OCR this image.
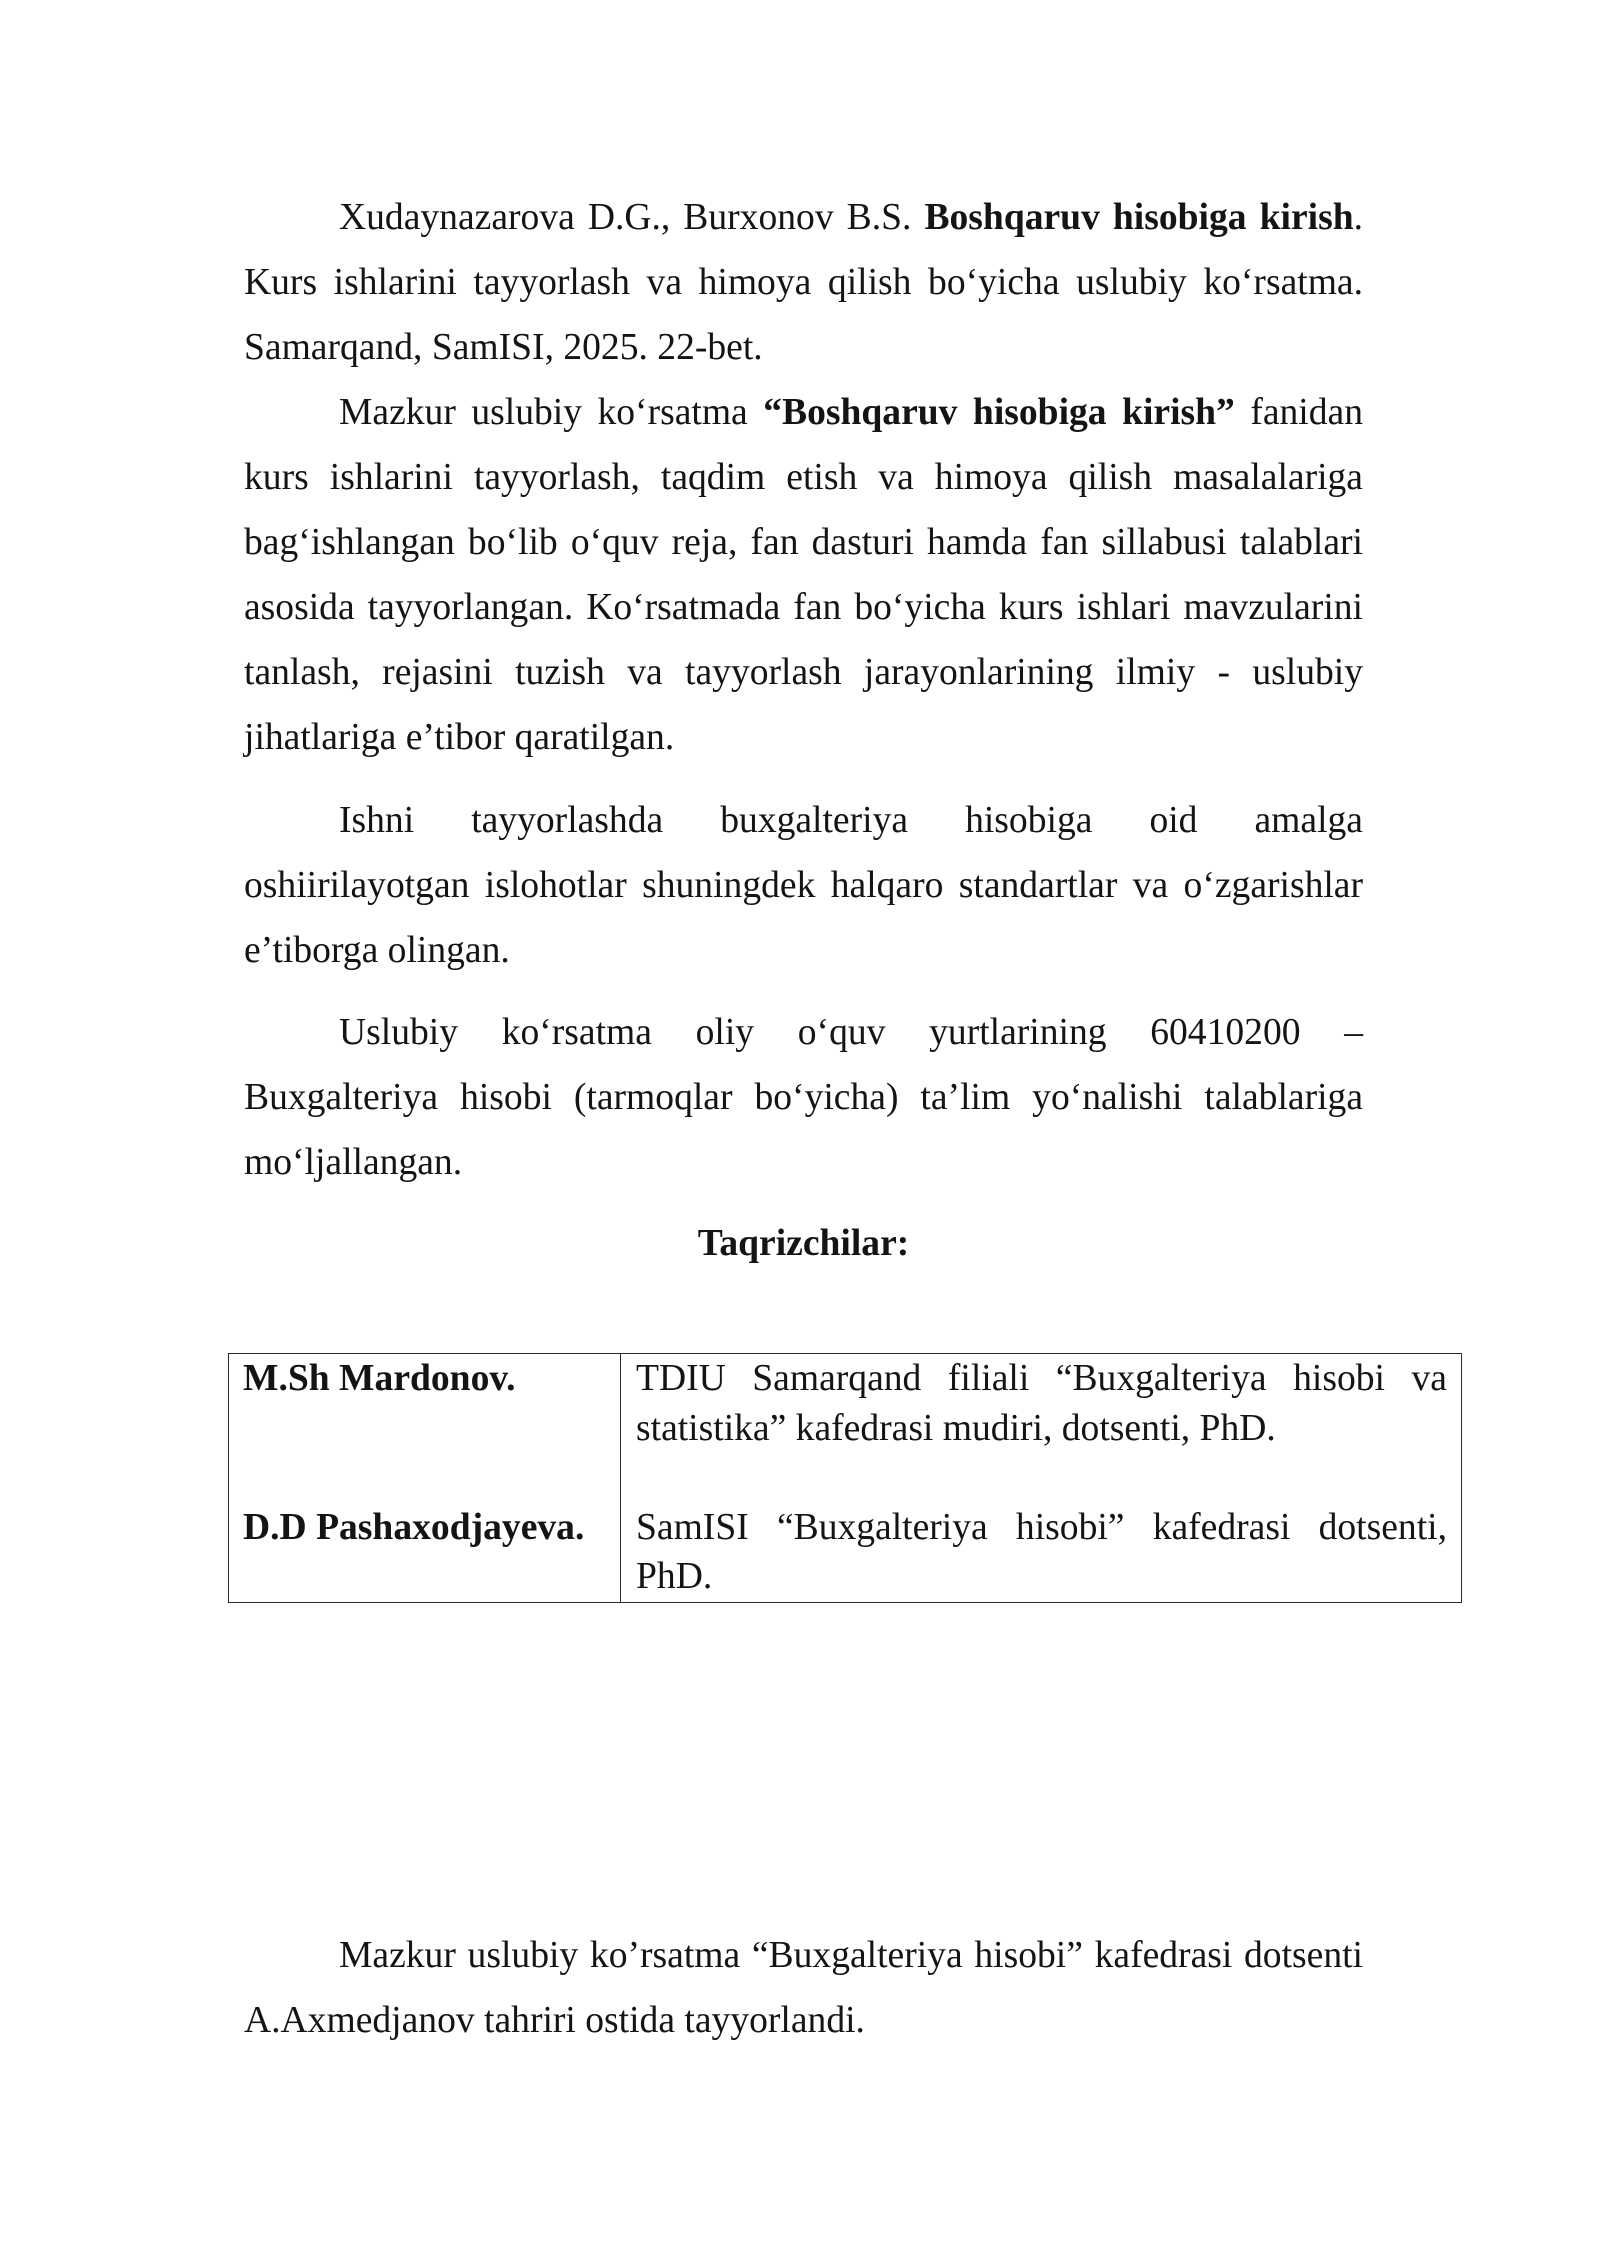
Xudaynazarova D.G., Burxonov B.S. Boshqaruv hisobiga kirish.
Kurs ishlarini tayyorlash va himoya qilish bo‘yicha uslubiy ko‘rsatma.
Samarqand, SamISI, 2025. 22-bet.
Mazkur uslubiy ko‘rsatma “Boshqaruv hisobiga kirish” fanidan
kurs ishlarini tayyorlash, taqdim etish va himoya qilish masalalariga
bag‘ishlangan bo‘lib o‘quv reja, fan dasturi hamda fan sillabusi talablari
asosida tayyorlangan. Ko‘rsatmada fan bo‘yicha kurs ishlari mavzularini
tanlash, rejasini tuzish va tayyorlash jarayonlarining ilmiy - uslubiy
jihatlariga e’tibor qaratilgan.
Ishni tayyorlashda buxgalteriya hisobiga oid amalga
oshiirilayotgan islohotlar shuningdek halqaro standartlar va o‘zgarishlar
e’tiborga olingan.
Uslubiy ko‘rsatma oliy o‘quv yurtlarining 60410200 –
Buxgalteriya hisobi (tarmoqlar bo‘yicha) ta’lim yo‘nalishi talablariga
mo‘ljallangan.
Taqrizchilar:
M.Sh Mardonov.	TDIU Samarqand filiali “Buxgalteriya hisobi va
statistika” kafedrasi mudiri, dotsenti, PhD.
D.D Pashaxodjayeva.	SamISI “Buxgalteriya hisobi” kafedrasi dotsenti,
PhD.
Mazkur uslubiy ko’rsatma “Buxgalteriya hisobi” kafedrasi dotsenti
A.Axmedjanov tahriri ostida tayyorlandi.
